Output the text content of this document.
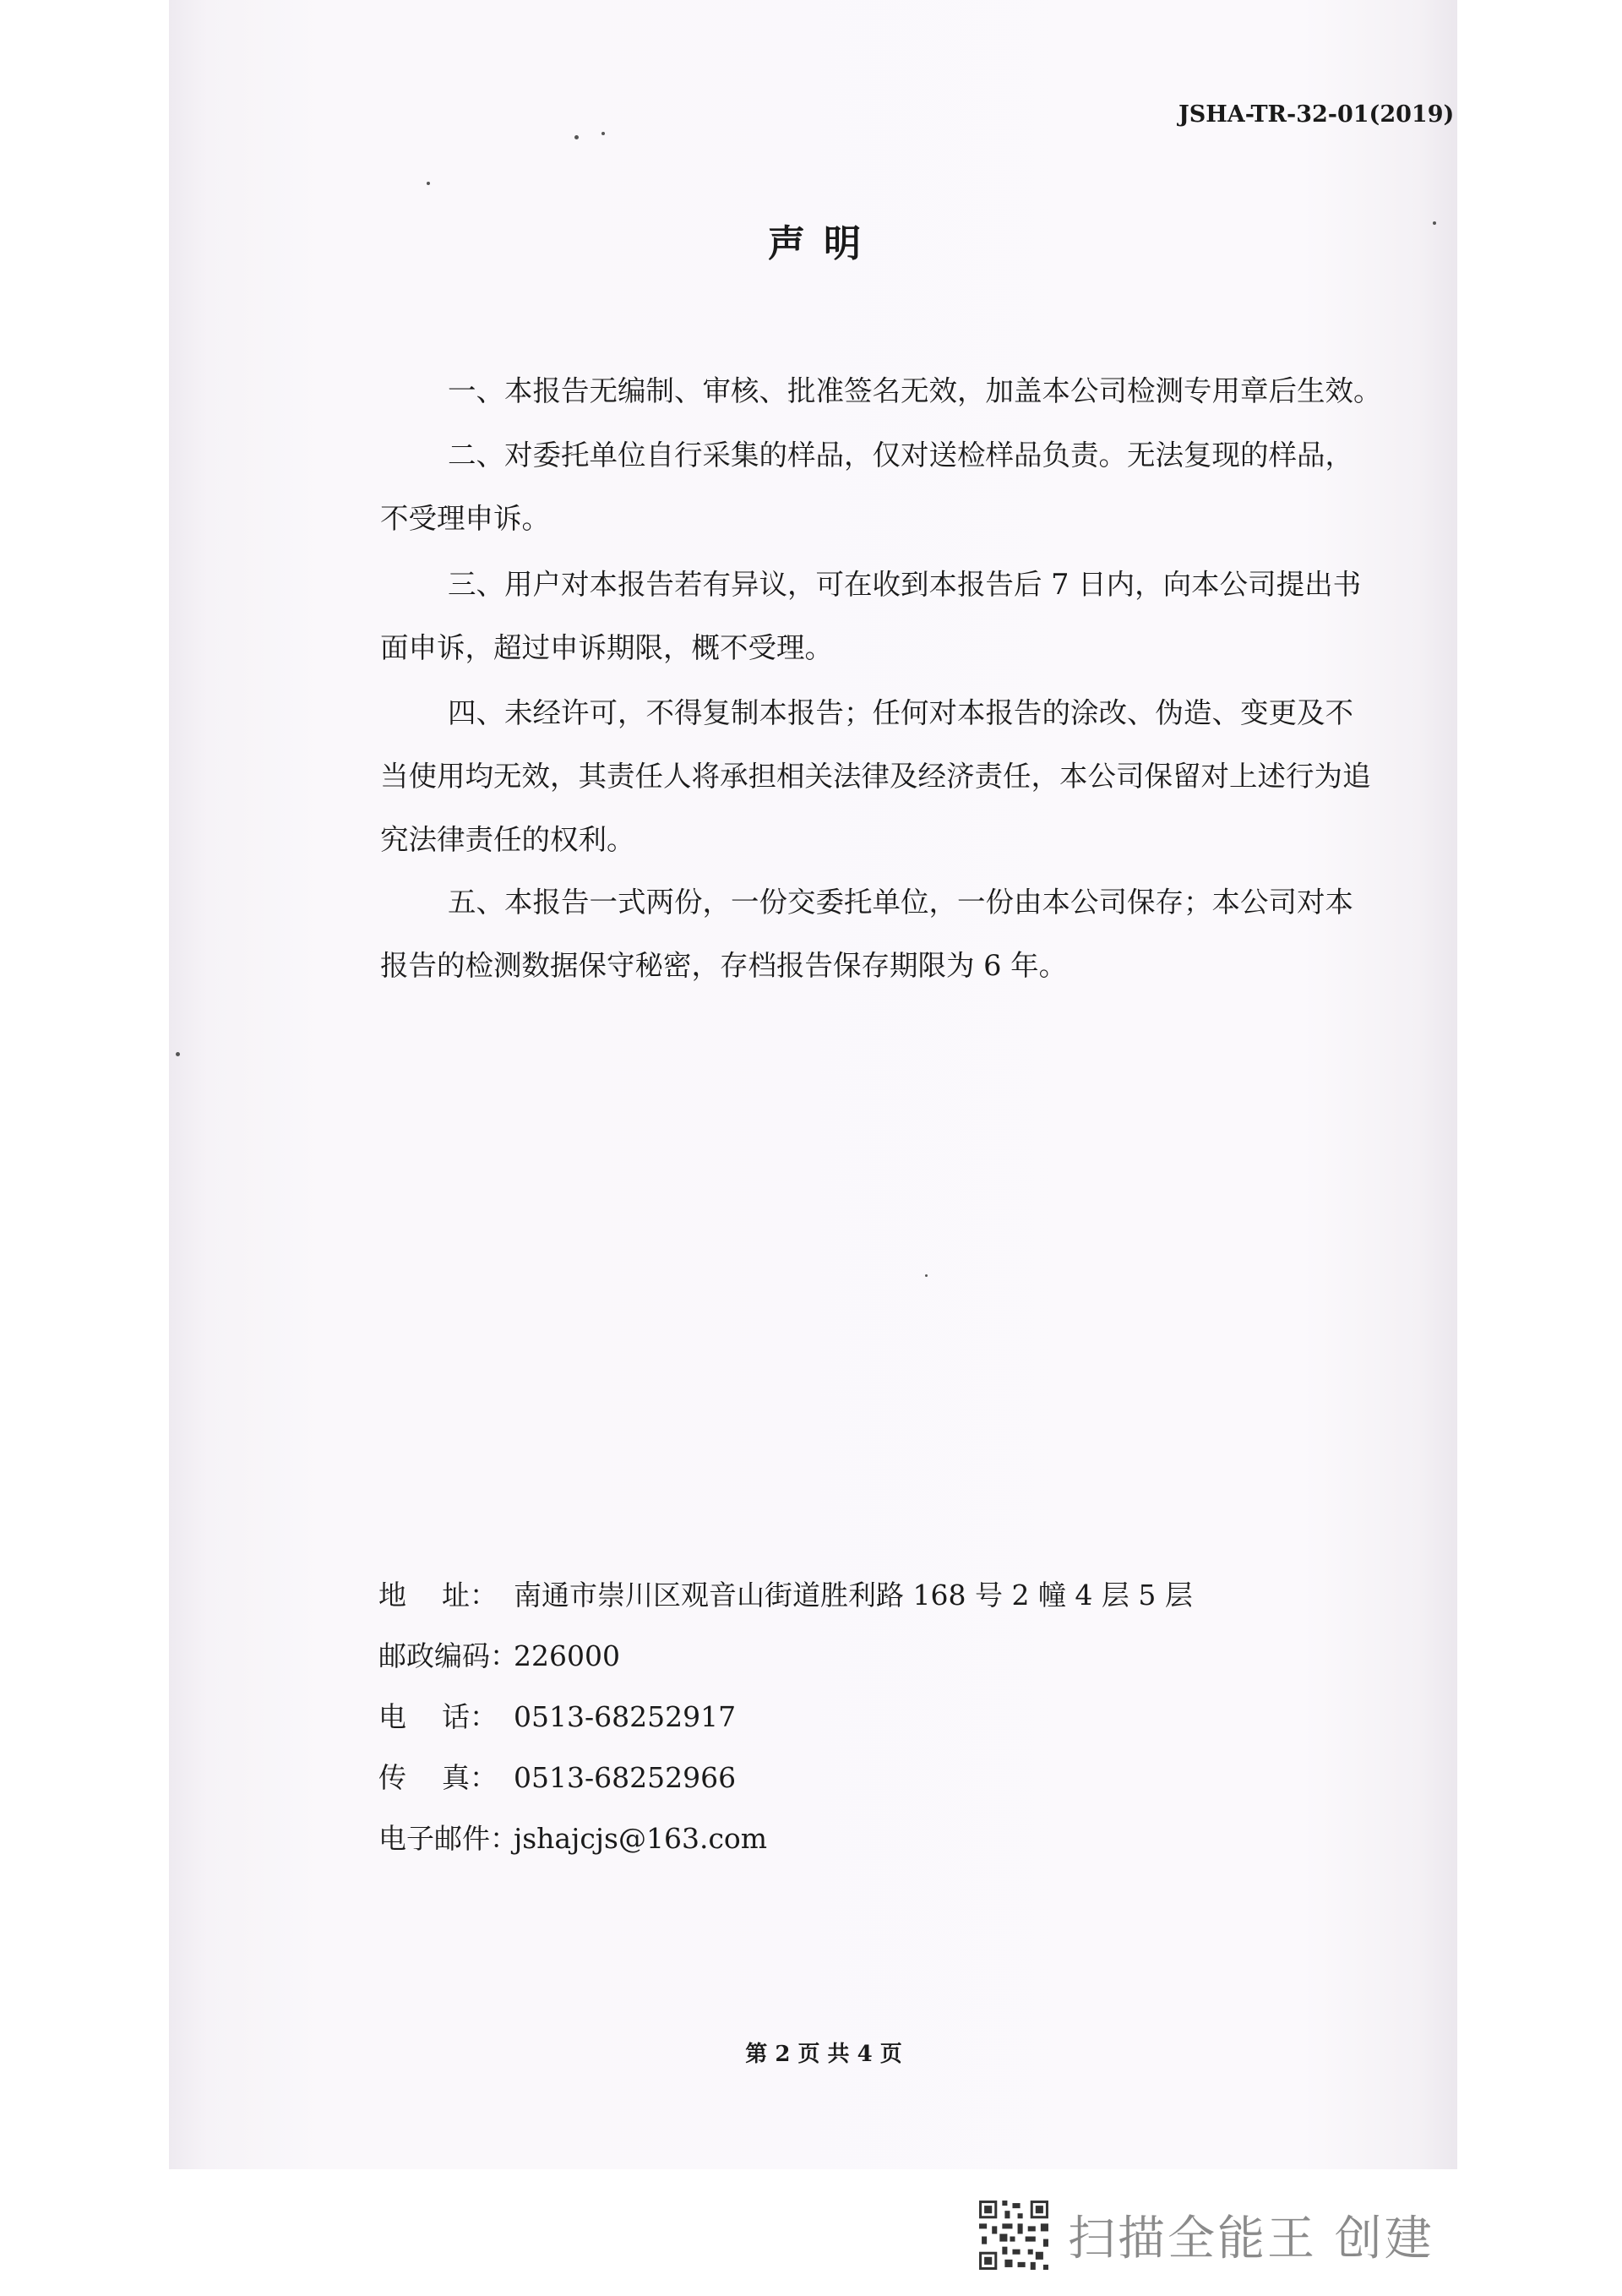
JSHA-TR-32-01(2019)
声明
一、本报告无编制、审核、批准签名无效，加盖本公司检测专用章后生效。
二、对委托单位自行采集的样品，仅对送检样品负责。无法复现的样品，
不受理申诉。
三、用户对本报告若有异议，可在收到本报告后 7 日内，向本公司提出书
面申诉，超过申诉期限，概不受理。
四、未经许可，不得复制本报告；任何对本报告的涂改、伪造、变更及不
当使用均无效，其责任人将承担相关法律及经济责任，本公司保留对上述行为追
究法律责任的权利。
五、本报告一式两份，一份交委托单位，一份由本公司保存；本公司对本
报告的检测数据保守秘密，存档报告保存期限为 6 年。
地    址： 南通市崇川区观音山街道胜利路 168 号 2 幢 4 层 5 层
邮政编码：226000
电    话： 0513-68252917
传    真： 0513-68252966
电子邮件：jshajcjs@163.com
第 2 页 共 4 页
扫描全能王 创建
